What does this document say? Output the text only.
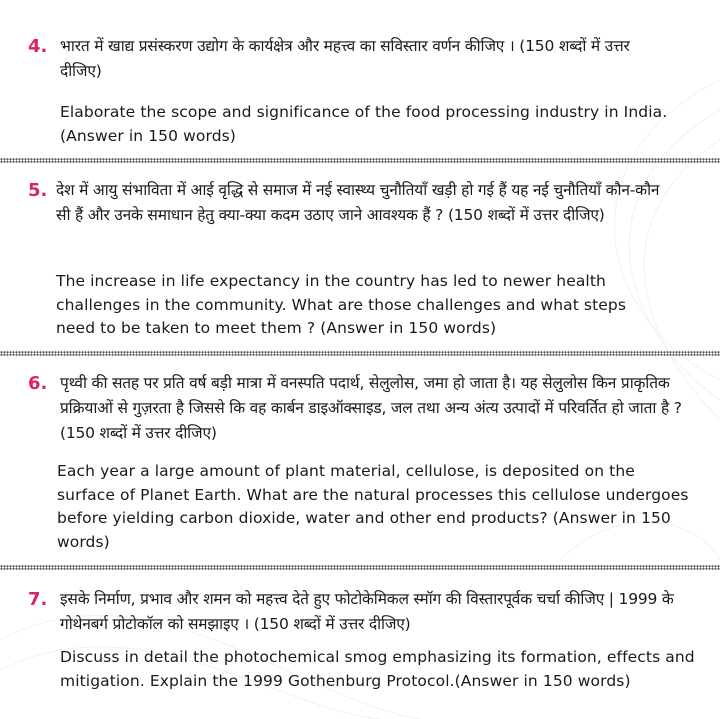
4. भारत में खाद्य प्रसंस्करण उद्योग के कार्यक्षेत्र और महत्त्व का सविस्तार वर्णन कीजिए । (150 शब्दों में उत्तर दीजिए)
Elaborate the scope and significance of the food processing industry in India. (Answer in 150 words)
5. देश में आयु संभाविता में आई वृद्धि से समाज में नई स्वास्थ्य चुनौतियाँ खड़ी हो गई हैं यह नई चुनौतियाँ कौन-कौन सी हैं और उनके समाधान हेतु क्या-क्या कदम उठाए जाने आवश्यक हैं ? (150 शब्दों में उत्तर दीजिए)
The increase in life expectancy in the country has led to newer health challenges in the community. What are those challenges and what steps need to be taken to meet them ? (Answer in 150 words)
6. पृथ्वी की सतह पर प्रति वर्ष बड़ी मात्रा में वनस्पति पदार्थ, सेलुलोस, जमा हो जाता है। यह सेलुलोस किन प्राकृतिक प्रक्रियाओं से गुज़रता है जिससे कि वह कार्बन डाइऑक्साइड, जल तथा अन्य अंत्य उत्पादों में परिवर्तित हो जाता है ? (150 शब्दों में उत्तर दीजिए)
Each year a large amount of plant material, cellulose, is deposited on the surface of Planet Earth. What are the natural processes this cellulose undergoes before yielding carbon dioxide, water and other end products? (Answer in 150 words)
7. इसके निर्माण, प्रभाव और शमन को महत्त्व देते हुए फोटोकेमिकल स्मॉग की विस्तारपूर्वक चर्चा कीजिए | 1999 के गोथेनबर्ग प्रोटोकॉल को समझाइए । (150 शब्दों में उत्तर दीजिए)
Discuss in detail the photochemical smog emphasizing its formation, effects and mitigation. Explain the 1999 Gothenburg Protocol.(Answer in 150 words)
